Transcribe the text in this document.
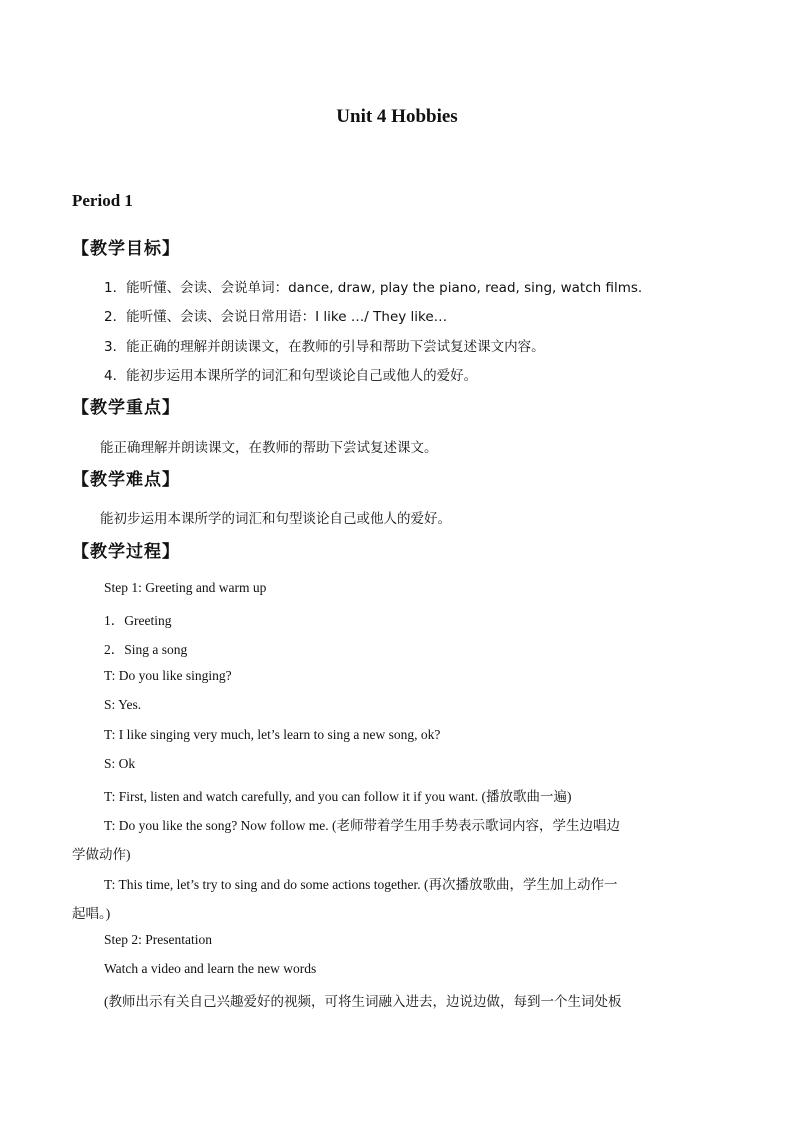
Unit 4 Hobbies
Period 1
【教学目标】
1．能听懂、会读、会说单词：dance, draw, play the piano, read, sing, watch films.
2．能听懂、会读、会说日常用语：I like …/ They like…
3．能正确的理解并朗读课文，在教师的引导和帮助下尝试复述课文内容。
4．能初步运用本课所学的词汇和句型谈论自己或他人的爱好。
【教学重点】
能正确理解并朗读课文，在教师的帮助下尝试复述课文。
【教学难点】
能初步运用本课所学的词汇和句型谈论自己或他人的爱好。
【教学过程】
Step 1: Greeting and warm up
1．Greeting
2．Sing a song
T: Do you like singing?
S: Yes.
T: I like singing very much, let’s learn to sing a new song, ok?
S: Ok
T: First, listen and watch carefully, and you can follow it if you want. (播放歌曲一遍)
T: Do you like the song? Now follow me. (老师带着学生用手势表示歌词内容，学生边唱边
学做动作)
T: This time, let’s try to sing and do some actions together. (再次播放歌曲，学生加上动作一
起唱。)
Step 2: Presentation
Watch a video and learn the new words
(教师出示有关自己兴趣爱好的视频，可将生词融入进去，边说边做，每到一个生词处板
